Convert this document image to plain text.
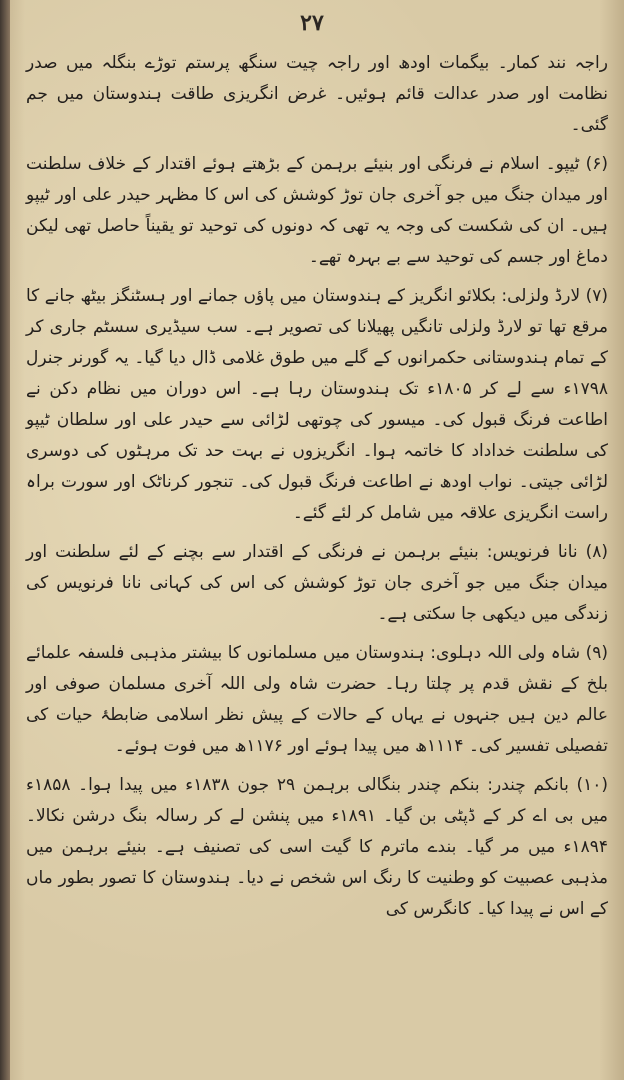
۲۷

راجہ نند کمار۔ بیگمات اودھ اور راجہ چیت سنگھ پرستم توڑے بنگلہ میں صدر نظامت اور صدر عدالت قائم ہوئیں۔ غرض انگریزی طاقت ہندوستان میں جم گئی۔

(۶) ٹیپو۔ اسلام نے فرنگی اور بنیئے برہمن کے بڑھتے ہوئے اقتدار کے خلاف سلطنت اور میدان جنگ میں جو آخری جان توڑ کوشش کی اس کا مظہر حیدر علی اور ٹیپو ہیں۔ ان کی شکست کی وجہ یہ تھی کہ دونوں کی توحید تو یقیناً حاصل تھی لیکن دماغ اور جسم کی توحید سے بے بہرہ تھے۔

(۷) لارڈ ولزلی: بکلائو انگریز کے ہندوستان میں پاؤں جمانے اور ہسٹنگز بیٹھ جانے کا مرقع تھا تو لارڈ ولزلی تانگیں پھیلانا کی تصویر ہے۔ سب سیڈیری سسٹم جاری کر کے تمام ہندوستانی حکمرانوں کے گلے میں طوق غلامی ڈال دیا گیا۔ یہ گورنر جنرل ۱۷۹۸ء سے لے کر ۱۸۰۵ء تک ہندوستان رہا ہے۔ اس دوران میں نظام دکن نے اطاعت فرنگ قبول کی۔ میسور کی چوتھی لڑائی سے حیدر علی اور سلطان ٹیپو کی سلطنت خداداد کا خاتمہ ہوا۔ انگریزوں نے بہت حد تک مرہٹوں کی دوسری لڑائی جیتی۔ نواب اودھ نے اطاعت فرنگ قبول کی۔ تنجور کرناٹک اور سورت براہ راست انگریزی علاقہ میں شامل کر لئے گئے۔

(۸) نانا فرنویس: بنیئے برہمن نے فرنگی کے اقتدار سے بچنے کے لئے سلطنت اور میدان جنگ میں جو آخری جان توڑ کوشش کی اس کی کہانی نانا فرنویس کی زندگی میں دیکھی جا سکتی ہے۔

(۹) شاہ ولی اللہ دہلوی: ہندوستان میں مسلمانوں کا بیشتر مذہبی فلسفہ علمائے بلخ کے نقش قدم پر چلتا رہا۔ حضرت شاہ ولی اللہ آخری مسلمان صوفی اور عالم دین ہیں جنہوں نے یہاں کے حالات کے پیش نظر اسلامی ضابطۂ حیات کی تفصیلی تفسیر کی۔ ۱۱۱۴ھ میں پیدا ہوئے اور ۱۱۷۶ھ میں فوت ہوئے۔

(۱۰) بانکم چندر: بنکم چندر بنگالی برہمن ۲۹ جون ۱۸۳۸ء میں پیدا ہوا۔ ۱۸۵۸ء میں بی اے کر کے ڈپٹی بن گیا۔ ۱۸۹۱ء میں پنشن لے کر رسالہ بنگ درشن نکالا۔ ۱۸۹۴ء میں مر گیا۔ بندے ماترم کا گیت اسی کی تصنیف ہے۔ بنیئے برہمن میں مذہبی عصبیت کو وطنیت کا رنگ اس شخص نے دیا۔ ہندوستان کا تصور بطور ماں کے اس نے پیدا کیا۔ کانگرس کی
